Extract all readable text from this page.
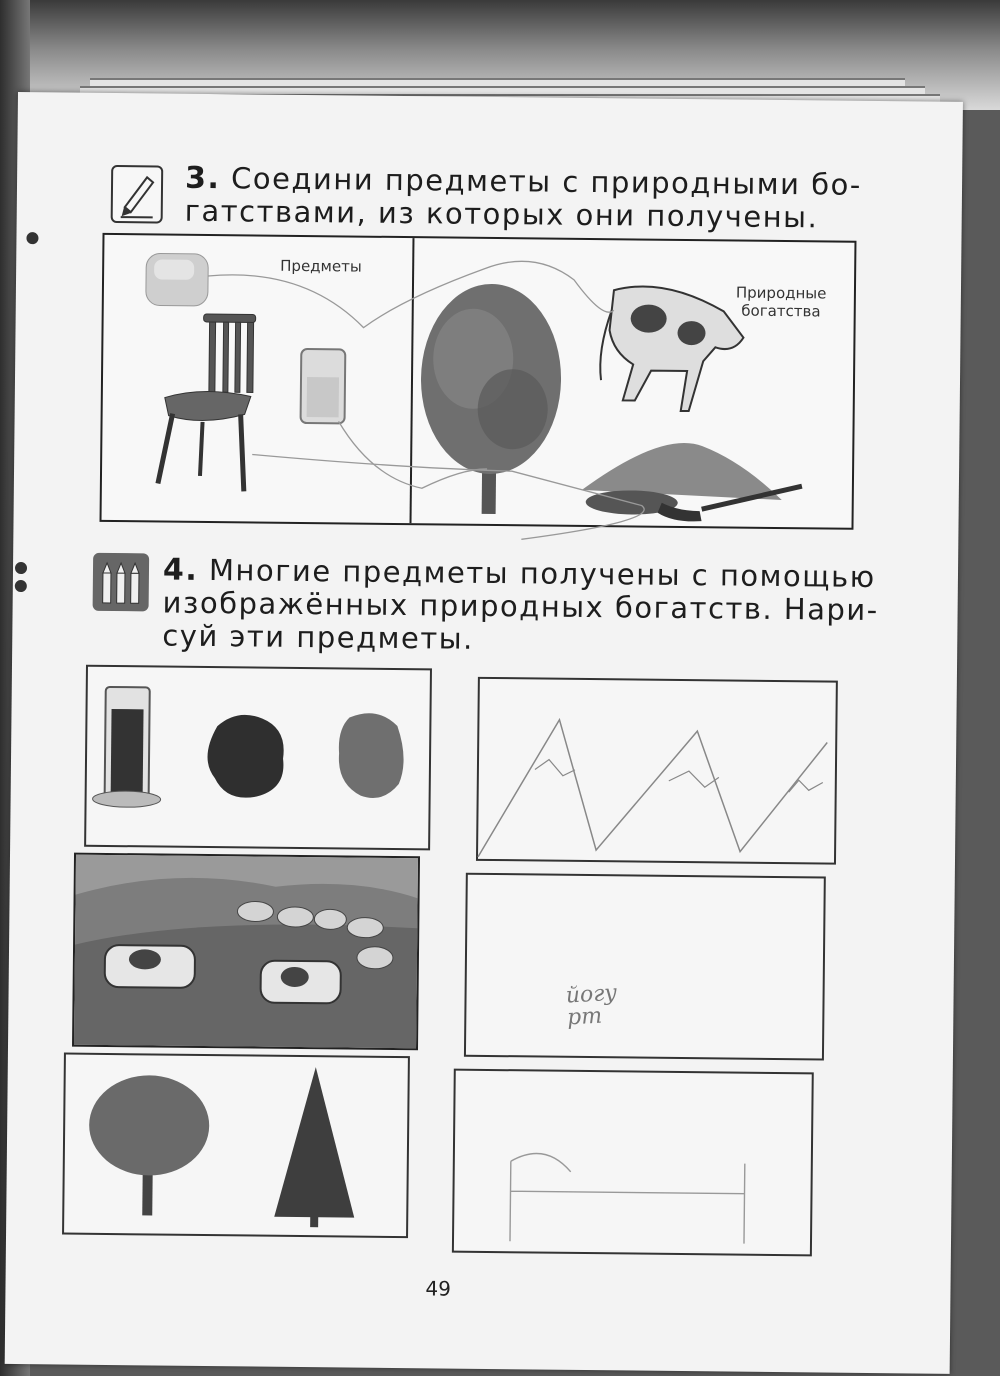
3. Соедини предметы с природными бо-
гатствами, из которых они получены.
Предметы
Природные
богатства
4. Многие предметы получены с помощью
изображённых природных богатств. Нари-
суй эти предметы.
йогу
рт
49
